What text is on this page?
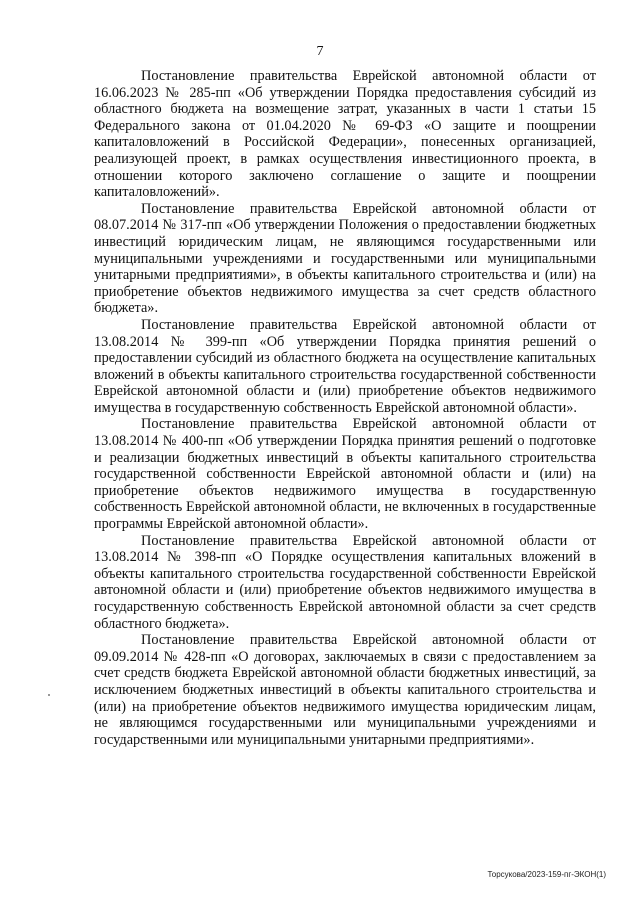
7

Постановление правительства Еврейской автономной области от 16.06.2023 № 285-пп «Об утверждении Порядка предоставления субсидий из областного бюджета на возмещение затрат, указанных в части 1 статьи 15 Федерального закона от 01.04.2020 № 69-ФЗ «О защите и поощрении капиталовложений в Российской Федерации», понесенных организацией, реализующей проект, в рамках осуществления инвестиционного проекта, в отношении которого заключено соглашение о защите и поощрении капиталовложений».

Постановление правительства Еврейской автономной области от 08.07.2014 № 317-пп «Об утверждении Положения о предоставлении бюджетных инвестиций юридическим лицам, не являющимся государственными или муниципальными учреждениями и государственными или муниципальными унитарными предприятиями», в объекты капитального строительства и (или) на приобретение объектов недвижимого имущества за счет средств областного бюджета».

Постановление правительства Еврейской автономной области от 13.08.2014 № 399-пп «Об утверждении Порядка принятия решений о предоставлении субсидий из областного бюджета на осуществление капитальных вложений в объекты капитального строительства государственной собственности Еврейской автономной области и (или) приобретение объектов недвижимого имущества в государственную собственность Еврейской автономной области».

Постановление правительства Еврейской автономной области от 13.08.2014 № 400-пп «Об утверждении Порядка принятия решений о подготовке и реализации бюджетных инвестиций в объекты капитального строительства государственной собственности Еврейской автономной области и (или) на приобретение объектов недвижимого имущества в государственную собственность Еврейской автономной области, не включенных в государственные программы Еврейской автономной области».

Постановление правительства Еврейской автономной области от 13.08.2014 № 398-пп «О Порядке осуществления капитальных вложений в объекты капитального строительства государственной собственности Еврейской автономной области и (или) приобретение объектов недвижимого имущества в государственную собственность Еврейской автономной области за счет средств областного бюджета».

Постановление правительства Еврейской автономной области от 09.09.2014 № 428-пп «О договорах, заключаемых в связи с предоставлением за счет средств бюджета Еврейской автономной области бюджетных инвестиций, за исключением бюджетных инвестиций в объекты капитального строительства и (или) на приобретение объектов недвижимого имущества юридическим лицам, не являющимся государственными или муниципальными учреждениями и государственными или муниципальными унитарными предприятиями».

Торсукова/2023-159-пг-ЭКОН(1)
